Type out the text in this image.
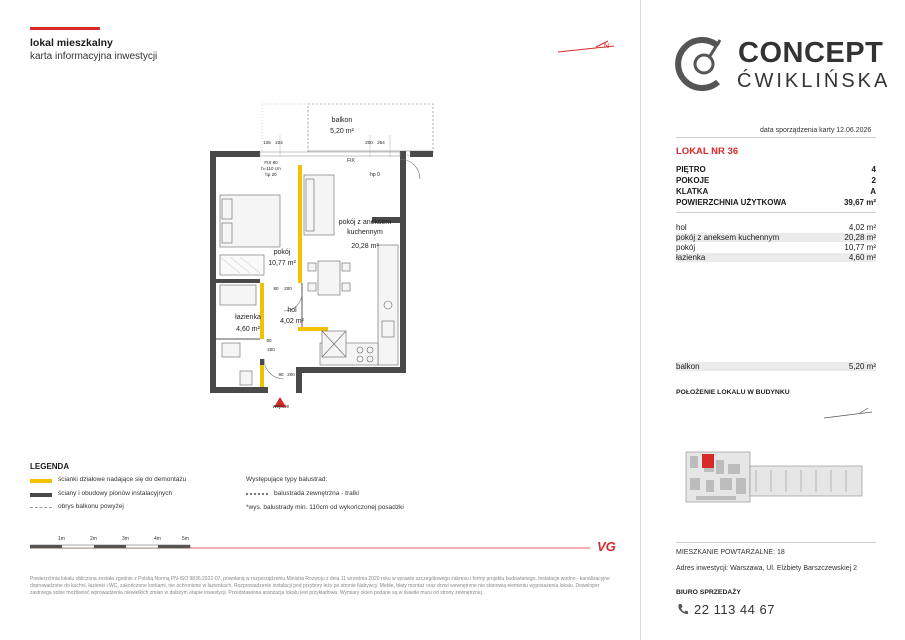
lokal mieszkalny
karta informacyjna inwestycji
N	CONCEPT
ĆWIKLIŃSKA
data sporządzenia karty 12.06.2026
LOKAL NR 36
PIĘTRO	4
POKOJE	2
KLATKA	A
POWIERZCHNIA UŻYTKOWA	39,67 m²
hol	4,02 m²
pokój z aneksem kuchennym	20,28 m²
pokój	10,77 m²
łazienka	4,60 m²
balkon	5,20 m²
POŁOŻENIE LOKALU W BUDYNKU
MIESZKANIE POWTARZALNE: 18
Adres inwestycji: Warszawa, Ul. Elżbiety Barszczewskiej 2
BIURO SPRZEDAŻY
22 113 44 67
balkon
5,20 m²
pokój z aneksem
kuchennym
20,28 m²
pokój
10,77 m²
hol
4,02 m²
łazienka
4,60 m²
wejście
FIX
hp 0
FIX 80
h=110 cm
hp 20
105 224	200 254
80	200
80
200
90 200
LEGENDA
ścianki działowe nadające się do demontażu
ściany i obudowy pionów instalacyjnych
obrys balkonu powyżej
Występujące typy balustrad:
balustrada zewnętrzna - tralki
*wys. balustrady min. 110cm od wykończonej posadzki
1m	2m	3m	4m	5m	VG
Powierzchnia lokalu obliczona została zgodnie z Polską Normą PN-ISO 9836:2022-07, powołaną w rozporządzeniu Ministra Rozwoju z dnia 11 września 2020 roku w sprawie szczegółowego zakresu i formy projektu budowlanego. Instalacje wodno - kanalizacyjne doprowadzone do kuchni, łazienki i WC, zakończone korkami, nie ochronione w łazienkach. Rozprowadzenie instalacji pod przybory leży po stronie Nabywcy. Meble, blaty montaż oraz drzwi wewnętrzne nie stanowią elementu wyposażenia lokalu. Deweloper zastrzega sobie możliwość wprowadzenia niewielkich zmian w dalszym etapie inwestycji. Przedstawiona aranżacja lokalu jest przykładowa. Wymiary okien podane są w świetle muru od strony zewnętrznej.
